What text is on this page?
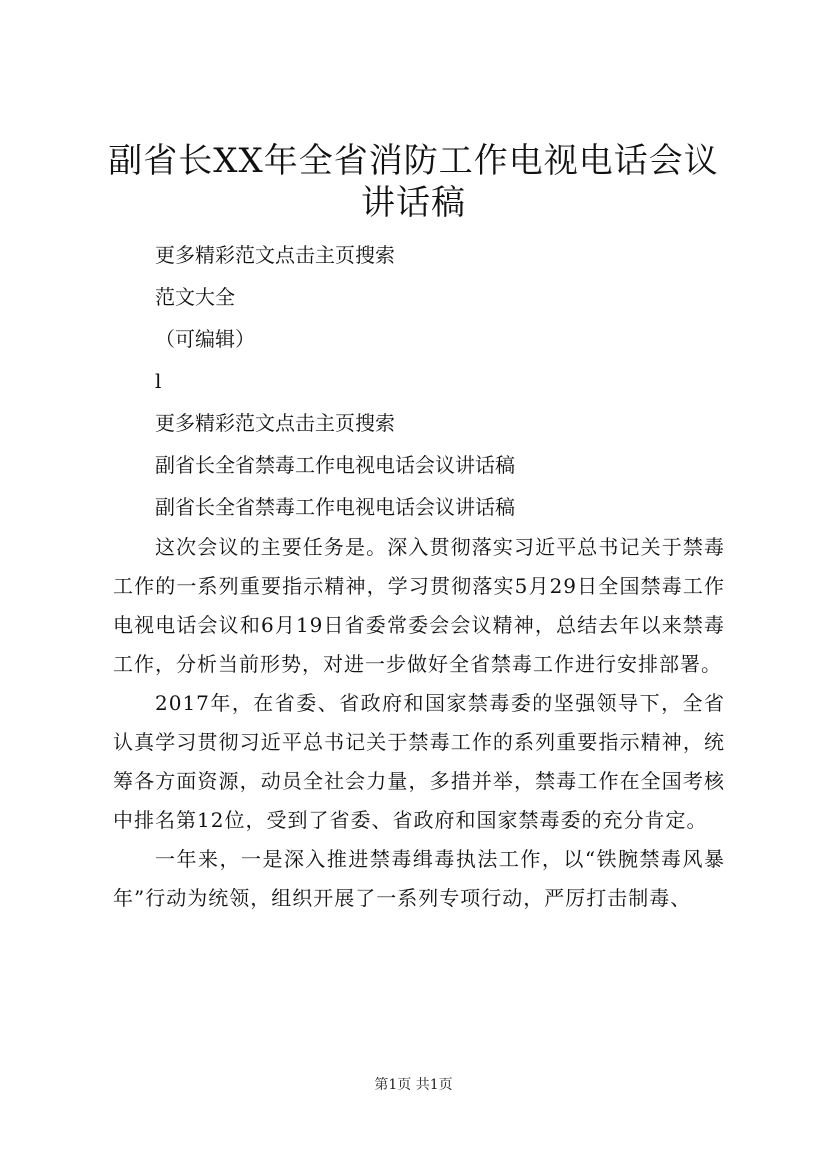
副省长XX年全省消防工作电视电话会议讲话稿

更多精彩范文点击主页搜索

范文大全

（可编辑）

l

更多精彩范文点击主页搜索

副省长全省禁毒工作电视电话会议讲话稿

副省长全省禁毒工作电视电话会议讲话稿

这次会议的主要任务是。深入贯彻落实习近平总书记关于禁毒工作的一系列重要指示精神，学习贯彻落实5月29日全国禁毒工作电视电话会议和6月19日省委常委会会议精神，总结去年以来禁毒工作，分析当前形势，对进一步做好全省禁毒工作进行安排部署。

2017年，在省委、省政府和国家禁毒委的坚强领导下，全省认真学习贯彻习近平总书记关于禁毒工作的系列重要指示精神，统筹各方面资源，动员全社会力量，多措并举，禁毒工作在全国考核中排名第12位，受到了省委、省政府和国家禁毒委的充分肯定。

一年来，一是深入推进禁毒缉毒执法工作，以“铁腕禁毒风暴年”行动为统领，组织开展了一系列专项行动，严厉打击制毒、

第1页 共1页
